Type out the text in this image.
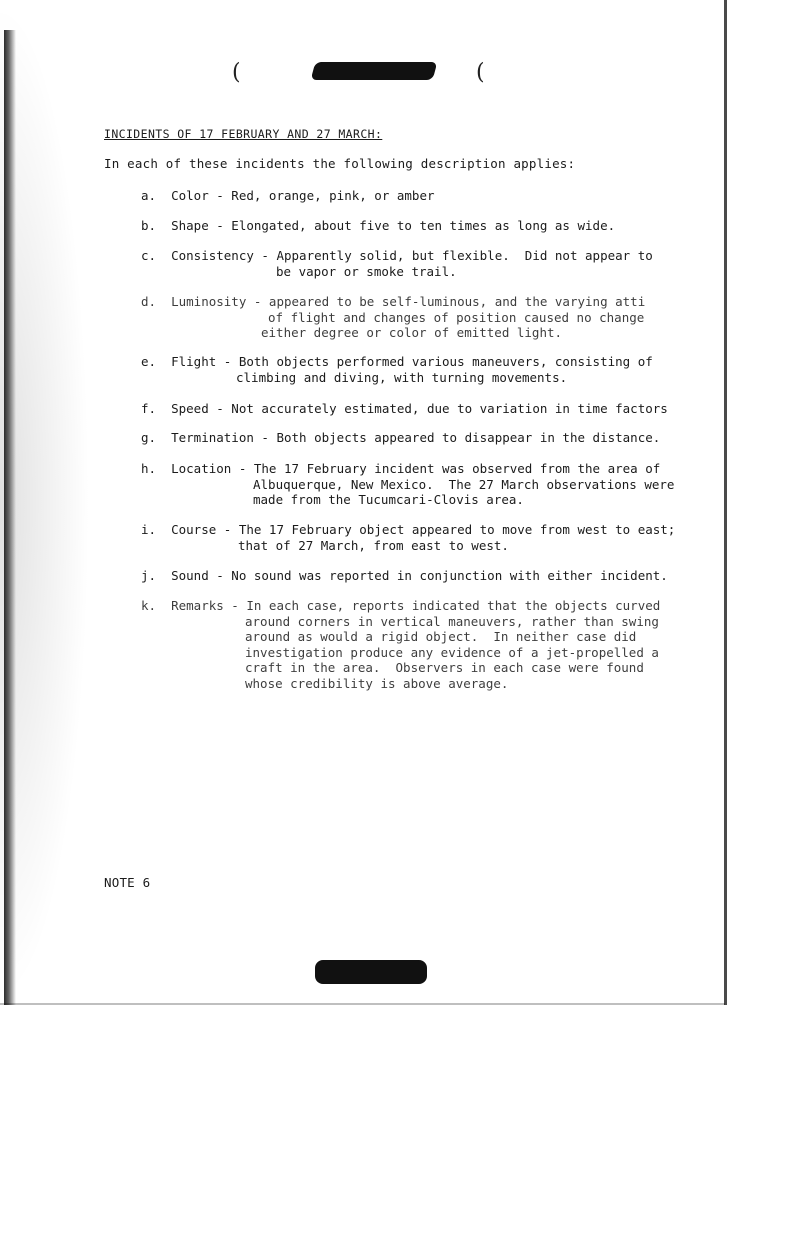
(	(
INCIDENTS OF 17 FEBRUARY AND 27 MARCH:
In each of these incidents the following description applies:
a.  Color - Red, orange, pink, or amber
b.  Shape - Elongated, about five to ten times as long as wide.
c.  Consistency - Apparently solid, but flexible.  Did not appear to
be vapor or smoke trail.
d.  Luminosity - appeared to be self-luminous, and the varying atti
of flight and changes of position caused no change
either degree or color of emitted light.
e.  Flight - Both objects performed various maneuvers, consisting of
climbing and diving, with turning movements.
f.  Speed - Not accurately estimated, due to variation in time factors
g.  Termination - Both objects appeared to disappear in the distance.
h.  Location - The 17 February incident was observed from the area of
Albuquerque, New Mexico.  The 27 March observations were
made from the Tucumcari-Clovis area.
i.  Course - The 17 February object appeared to move from west to east;
that of 27 March, from east to west.
j.  Sound - No sound was reported in conjunction with either incident.
k.  Remarks - In each case, reports indicated that the objects curved
around corners in vertical maneuvers, rather than swing
around as would a rigid object.  In neither case did
investigation produce any evidence of a jet-propelled a
craft in the area.  Observers in each case were found
whose credibility is above average.
NOTE 6
